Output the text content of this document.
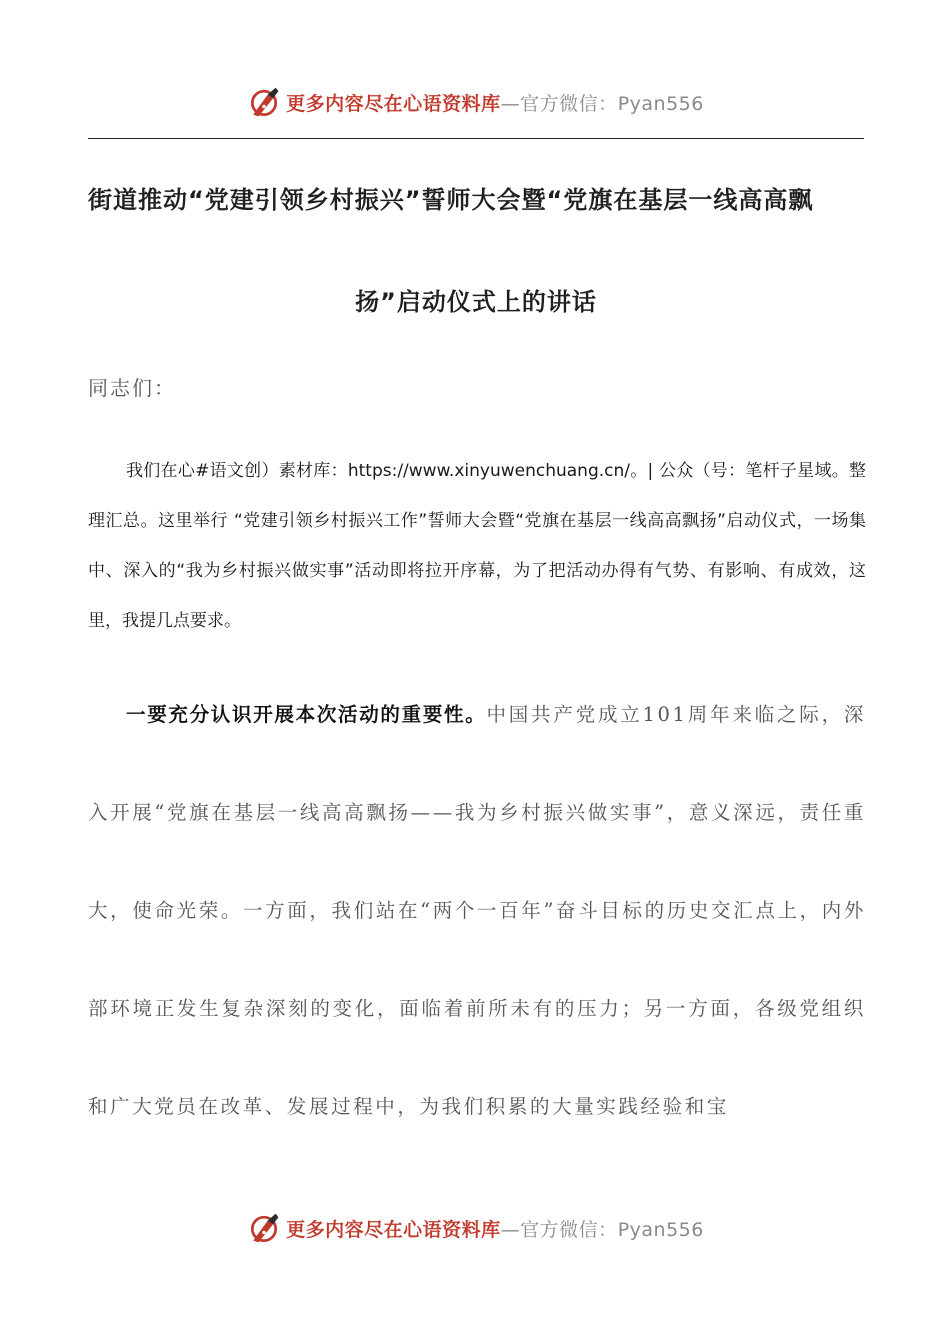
更多内容尽在心语资料库—官方微信：Pyan556
街道推动“党建引领乡村振兴”誓师大会暨“党旗在基层一线高高飘
扬”启动仪式上的讲话

同志们：

我们在心#语文创）素材库：https://www.xinyuwenchuang.cn/。| 公众（号：笔杆子星域。整理汇总。这里举行 “党建引领乡村振兴工作”誓师大会暨“党旗在基层一线高高飘扬”启动仪式，一场集中、深入的“我为乡村振兴做实事”活动即将拉开序幕，为了把活动办得有气势、有影响、有成效，这里，我提几点要求。

一要充分认识开展本次活动的重要性。中国共产党成立101周年来临之际，深入开展“党旗在基层一线高高飘扬——我为乡村振兴做实事”，意义深远，责任重大，使命光荣。一方面，我们站在“两个一百年”奋斗目标的历史交汇点上，内外部环境正发生复杂深刻的变化，面临着前所未有的压力；另一方面，各级党组织和广大党员在改革、发展过程中，为我们积累的大量实践经验和宝

更多内容尽在心语资料库—官方微信：Pyan556
